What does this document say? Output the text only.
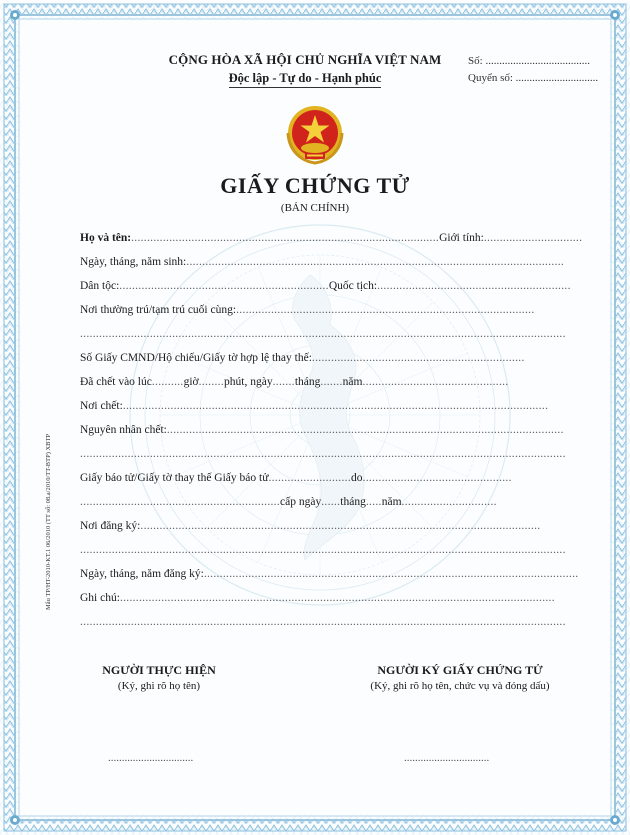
CỘNG HÒA XÃ HỘI CHỦ NGHĨA VIỆT NAM
Độc lập - Tự do - Hạnh phúc
Số: ......................................
Quyển số: ..............................
GIẤY CHỨNG TỬ
(BẢN CHÍNH)
Họ và tên:.................................................................................................Giới tính:...............................
Ngày, tháng, năm sinh:.......................................................................................................................
Dân tộc:..................................................................Quốc tịch:.............................................................
Nơi thường trú/tạm trú cuối cùng:..............................................................................................
.........................................................................................................................................................
Số Giấy CMND/Hộ chiếu/Giấy tờ hợp lệ thay thế:...................................................................
Đã chết vào lúc..........giờ........phút, ngày.......tháng.......năm..............................................
Nơi chết:......................................................................................................................................
Nguyên nhân chết:.............................................................................................................................
.........................................................................................................................................................
Giấy báo tử/Giấy tờ thay thế Giấy báo tử..........................do...............................................
...............................................................cấp ngày......tháng.....năm..............................
Nơi đăng ký:..............................................................................................................................
.........................................................................................................................................................
Ngày, tháng, năm đăng ký:......................................................................................................................
Ghi chú:.........................................................................................................................................
.........................................................................................................................................................
NGƯỜI THỰC HIỆN
(Ký, ghi rõ họ tên)
NGƯỜI KÝ GIẤY CHỨNG TỬ
(Ký, ghi rõ họ tên, chức vụ và đóng dấu)
...............................	...............................
Mẫu TP/HT-2010-KT.1 06/2010 (TT số: 08.a/2010/TT-BTP) XBTP
